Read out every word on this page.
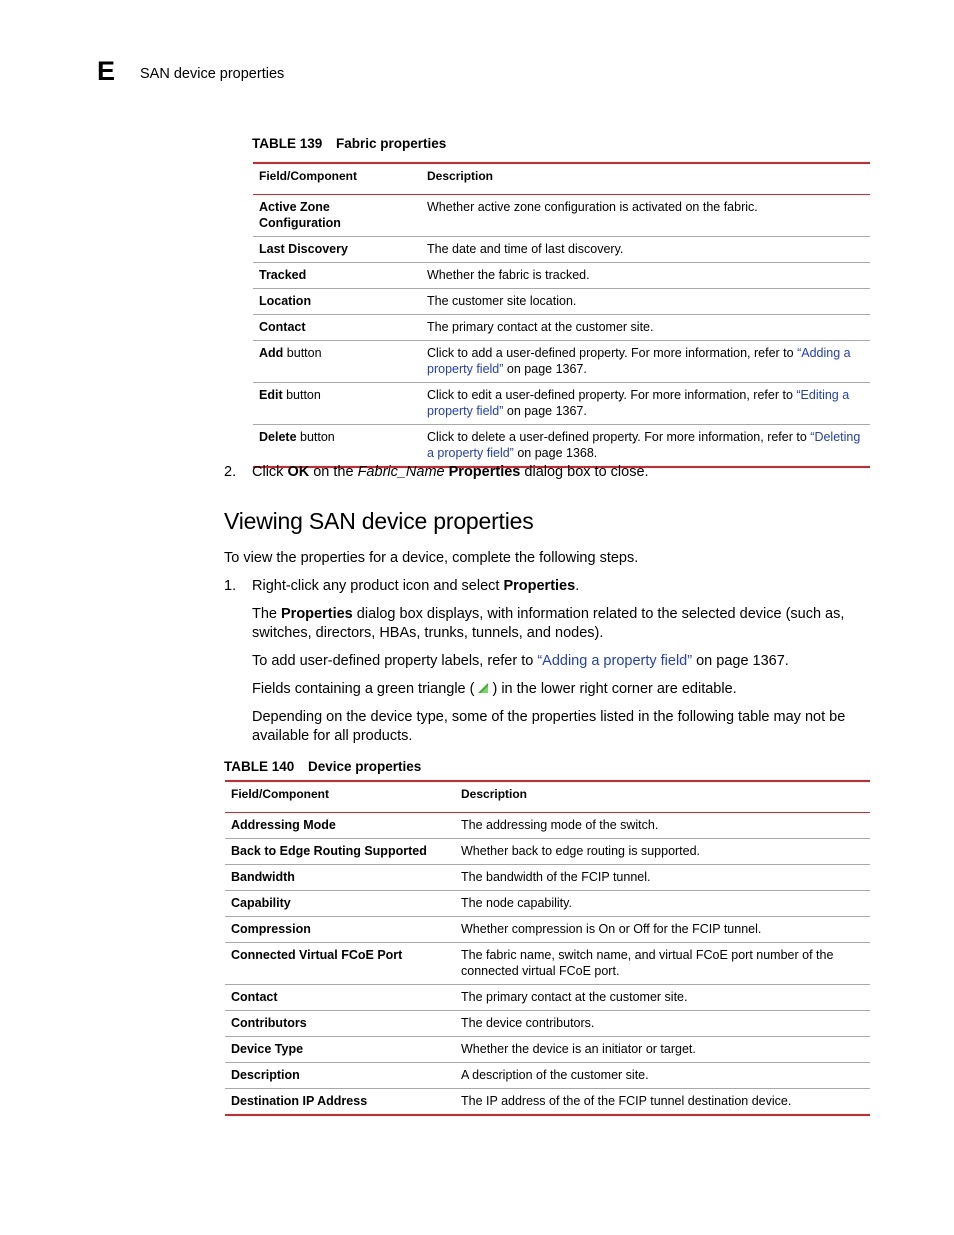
E SAN device properties
TABLE 139 Fabric properties
Field/Component	Description
Active Zone Configuration	Whether active zone configuration is activated on the fabric.
Last Discovery	The date and time of last discovery.
Tracked	Whether the fabric is tracked.
Location	The customer site location.
Contact	The primary contact at the customer site.
Add button	Click to add a user-defined property. For more information, refer to “Adding a property field” on page 1367.
Edit button	Click to edit a user-defined property. For more information, refer to “Editing a property field” on page 1367.
Delete button	Click to delete a user-defined property. For more information, refer to “Deleting a property field” on page 1368.
2. Click OK on the Fabric_Name Properties dialog box to close.
Viewing SAN device properties
To view the properties for a device, complete the following steps.
1. Right-click any product icon and select Properties.
The Properties dialog box displays, with information related to the selected device (such as, switches, directors, HBAs, trunks, tunnels, and nodes).
To add user-defined property labels, refer to “Adding a property field” on page 1367.
Fields containing a green triangle ( ) in the lower right corner are editable.
Depending on the device type, some of the properties listed in the following table may not be available for all products.
TABLE 140 Device properties
Field/Component	Description
Addressing Mode	The addressing mode of the switch.
Back to Edge Routing Supported	Whether back to edge routing is supported.
Bandwidth	The bandwidth of the FCIP tunnel.
Capability	The node capability.
Compression	Whether compression is On or Off for the FCIP tunnel.
Connected Virtual FCoE Port	The fabric name, switch name, and virtual FCoE port number of the connected virtual FCoE port.
Contact	The primary contact at the customer site.
Contributors	The device contributors.
Device Type	Whether the device is an initiator or target.
Description	A description of the customer site.
Destination IP Address	The IP address of the of the FCIP tunnel destination device.
